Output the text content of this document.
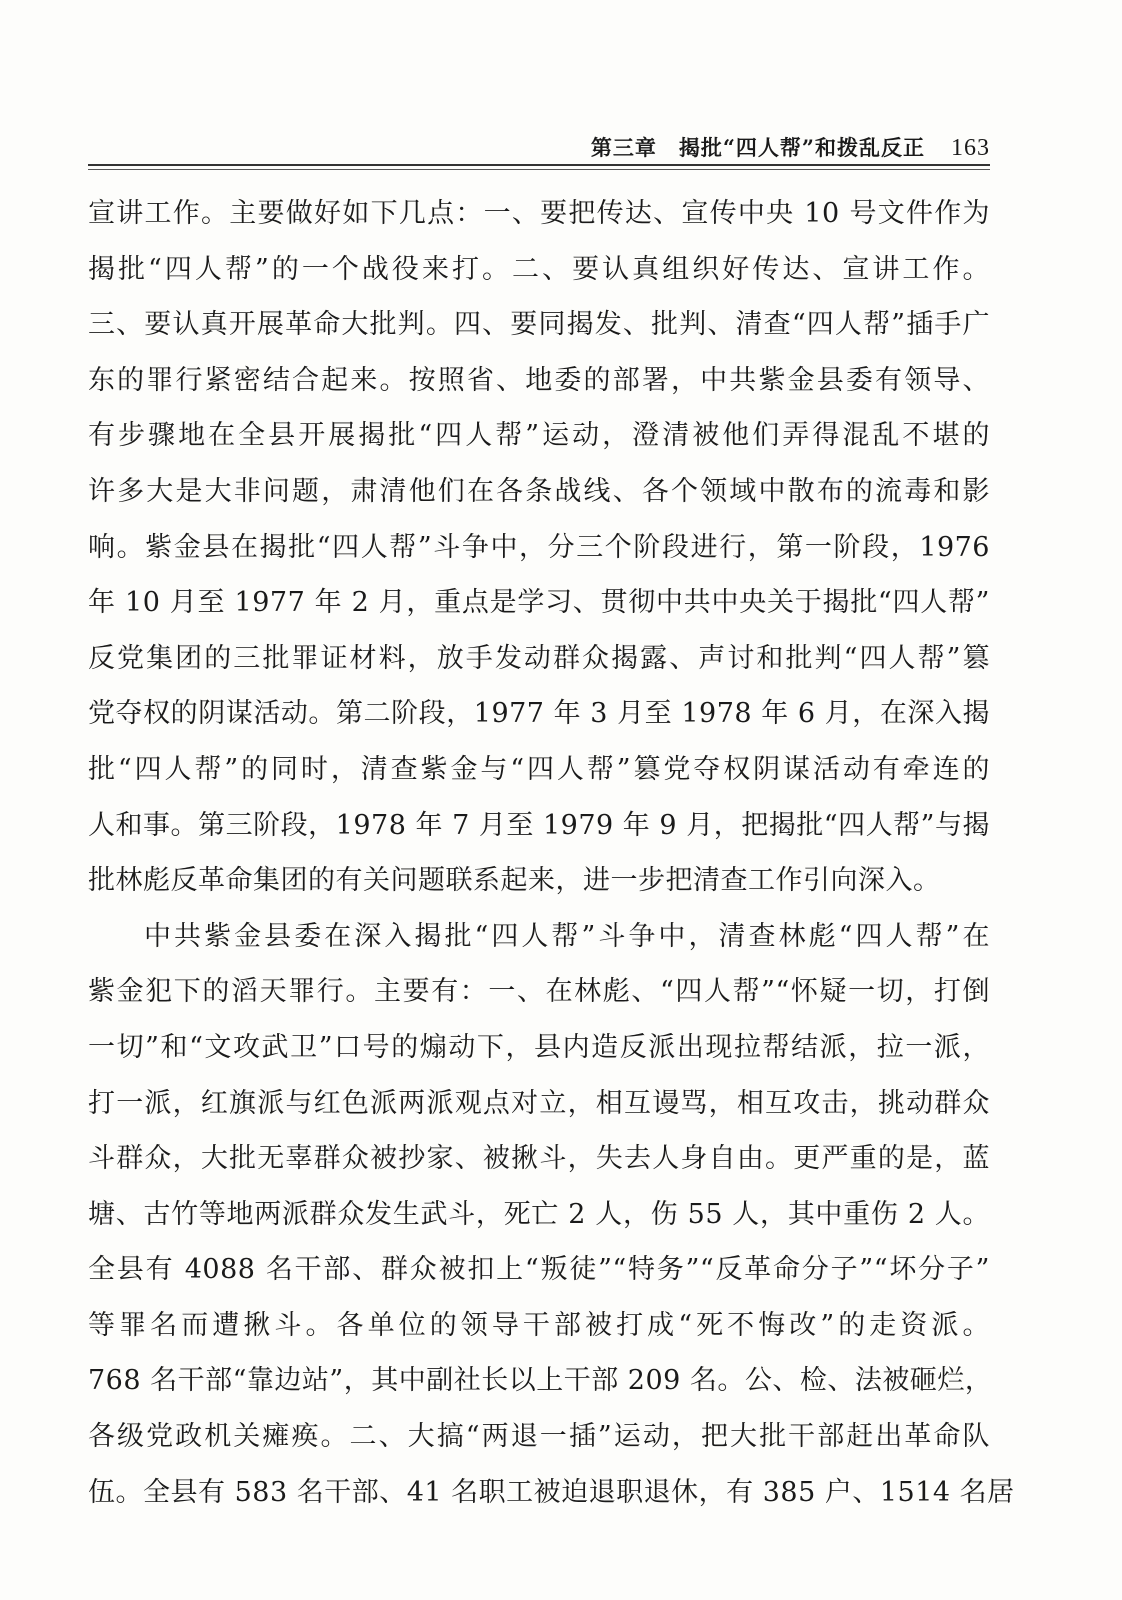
第三章 揭批“四人帮”和拨乱反正 163
宣讲工作。主要做好如下几点：一、要把传达、宣传中央 10 号文件作为
揭批“四人帮”的一个战役来打。二、要认真组织好传达、宣讲工作。
三、要认真开展革命大批判。四、要同揭发、批判、清查“四人帮”插手广
东的罪行紧密结合起来。按照省、地委的部署，中共紫金县委有领导、
有步骤地在全县开展揭批“四人帮”运动，澄清被他们弄得混乱不堪的
许多大是大非问题，肃清他们在各条战线、各个领域中散布的流毒和影
响。紫金县在揭批“四人帮”斗争中，分三个阶段进行，第一阶段，1976
年 10 月至 1977 年 2 月，重点是学习、贯彻中共中央关于揭批“四人帮”
反党集团的三批罪证材料，放手发动群众揭露、声讨和批判“四人帮”篡
党夺权的阴谋活动。第二阶段，1977 年 3 月至 1978 年 6 月，在深入揭
批“四人帮”的同时，清查紫金与“四人帮”篡党夺权阴谋活动有牵连的
人和事。第三阶段，1978 年 7 月至 1979 年 9 月，把揭批“四人帮”与揭
批林彪反革命集团的有关问题联系起来，进一步把清查工作引向深入。
中共紫金县委在深入揭批“四人帮”斗争中，清查林彪“四人帮”在
紫金犯下的滔天罪行。主要有：一、在林彪、“四人帮”“怀疑一切，打倒
一切”和“文攻武卫”口号的煽动下，县内造反派出现拉帮结派，拉一派，
打一派，红旗派与红色派两派观点对立，相互谩骂，相互攻击，挑动群众
斗群众，大批无辜群众被抄家、被揪斗，失去人身自由。更严重的是，蓝
塘、古竹等地两派群众发生武斗，死亡 2 人，伤 55 人，其中重伤 2 人。
全县有 4088 名干部、群众被扣上“叛徒”“特务”“反革命分子”“坏分子”
等罪名而遭揪斗。各单位的领导干部被打成“死不悔改”的走资派。
768 名干部“靠边站”，其中副社长以上干部 209 名。公、检、法被砸烂，
各级党政机关瘫痪。二、大搞“两退一插”运动，把大批干部赶出革命队
伍。全县有 583 名干部、41 名职工被迫退职退休，有 385 户、1514 名居
